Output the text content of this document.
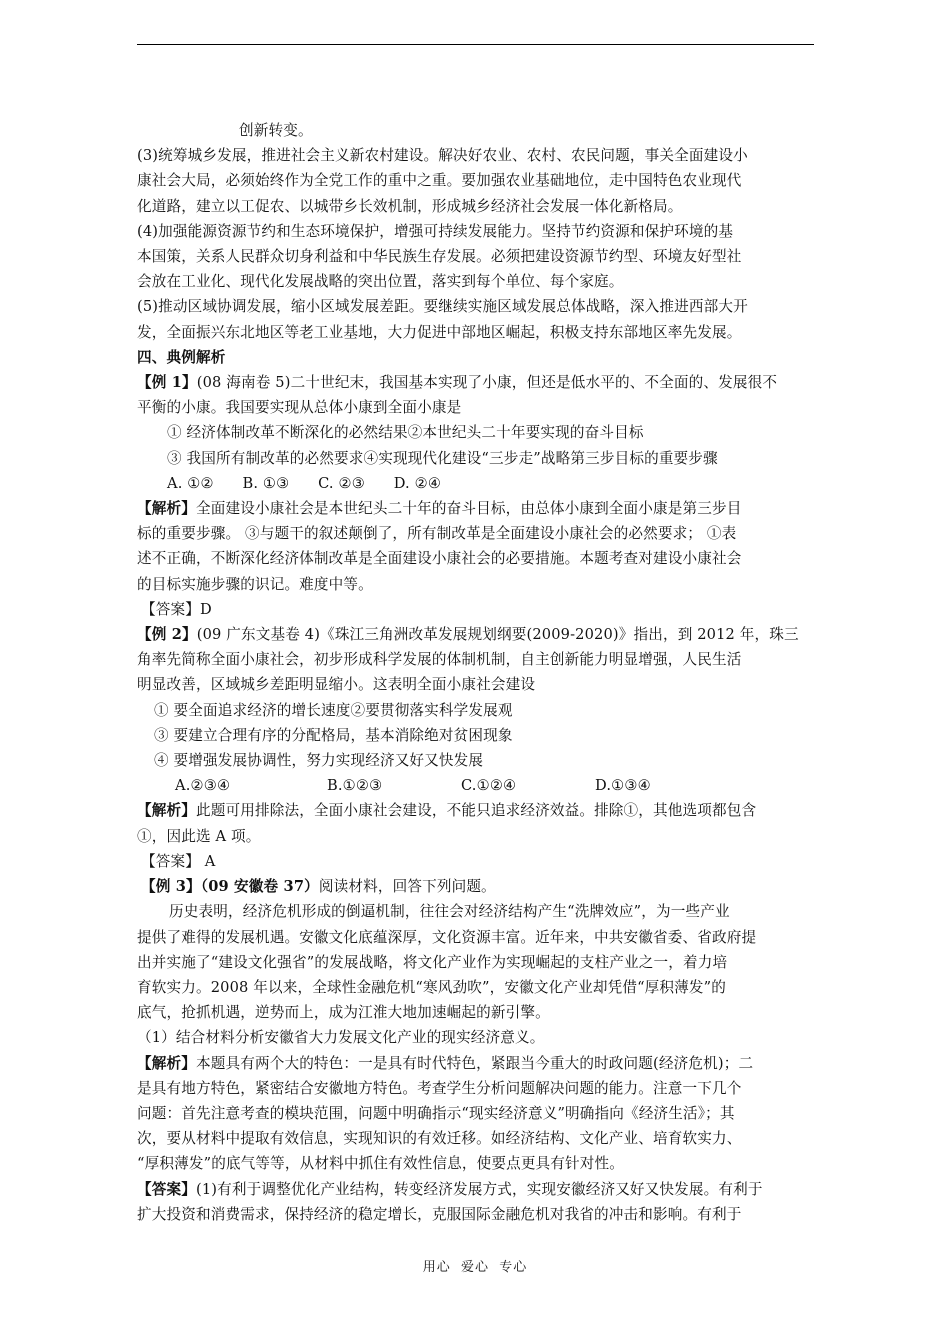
创新转变。

(3)统筹城乡发展，推进社会主义新农村建设。解决好农业、农村、农民问题，事关全面建设小

康社会大局，必须始终作为全党工作的重中之重。要加强农业基础地位，走中国特色农业现代

化道路，建立以工促农、以城带乡长效机制，形成城乡经济社会发展一体化新格局。

(4)加强能源资源节约和生态环境保护，增强可持续发展能力。坚持节约资源和保护环境的基

本国策，关系人民群众切身利益和中华民族生存发展。必须把建设资源节约型、环境友好型社

会放在工业化、现代化发展战略的突出位置，落实到每个单位、每个家庭。

(5)推动区域协调发展，缩小区域发展差距。要继续实施区域发展总体战略，深入推进西部大开

发，全面振兴东北地区等老工业基地，大力促进中部地区崛起，积极支持东部地区率先发展。

四、典例解析

【例 1】(08 海南卷 5)二十世纪末，我国基本实现了小康，但还是低水平的、不全面的、发展很不

平衡的小康。我国要实现从总体小康到全面小康是

① 经济体制改革不断深化的必然结果②本世纪头二十年要实现的奋斗目标

③ 我国所有制改革的必然要求④实现现代化建设“三步走”战略第三步目标的重要步骤

A. ①②      B. ①③      C. ②③      D. ②④

【解析】全面建设小康社会是本世纪头二十年的奋斗目标，由总体小康到全面小康是第三步目

标的重要步骤。 ③与题干的叙述颠倒了，所有制改革是全面建设小康社会的必然要求； ①表

述不正确，不断深化经济体制改革是全面建设小康社会的必要措施。本题考查对建设小康社会

的目标实施步骤的识记。难度中等。

【答案】D

【例 2】(09 广东文基卷 4)《珠江三角洲改革发展规划纲要(2009-2020)》指出，到 2012 年，珠三

角率先简称全面小康社会，初步形成科学发展的体制机制，自主创新能力明显增强，人民生活

明显改善，区域城乡差距明显缩小。这表明全面小康社会建设

① 要全面追求经济的增长速度②要贯彻落实科学发展观

③ 要建立合理有序的分配格局，基本消除绝对贫困现象

④ 要增强发展协调性，努力实现经济又好又快发展

A.②③④	B.①②③	C.①②④	D.①③④

【解析】此题可用排除法，全面小康社会建设，不能只追求经济效益。排除①，其他选项都包含

①，因此选 A 项。

【答案】 A

【例 3】（09 安徽卷 37）阅读材料，回答下列问题。

历史表明，经济危机形成的倒逼机制，往往会对经济结构产生“洗牌效应”，为一些产业

提供了难得的发展机遇。安徽文化底蕴深厚，文化资源丰富。近年来，中共安徽省委、省政府提

出并实施了“建设文化强省”的发展战略，将文化产业作为实现崛起的支柱产业之一，着力培

育软实力。2008 年以来，全球性金融危机“寒风劲吹”，安徽文化产业却凭借“厚积薄发”的

底气，抢抓机遇，逆势而上，成为江淮大地加速崛起的新引擎。

（1）结合材料分析安徽省大力发展文化产业的现实经济意义。

【解析】本题具有两个大的特色：一是具有时代特色，紧跟当今重大的时政问题(经济危机)；二

是具有地方特色，紧密结合安徽地方特色。考查学生分析问题解决问题的能力。注意一下几个

问题：首先注意考查的模块范围，问题中明确指示“现实经济意义”明确指向《经济生活》；其

次，要从材料中提取有效信息，实现知识的有效迁移。如经济结构、文化产业、培育软实力、

“厚积薄发”的底气等等，从材料中抓住有效性信息，使要点更具有针对性。

【答案】(1)有利于调整优化产业结构，转变经济发展方式，实现安徽经济又好又快发展。有利于

扩大投资和消费需求，保持经济的稳定增长，克服国际金融危机对我省的冲击和影响。有利于

用心  爱心  专心
